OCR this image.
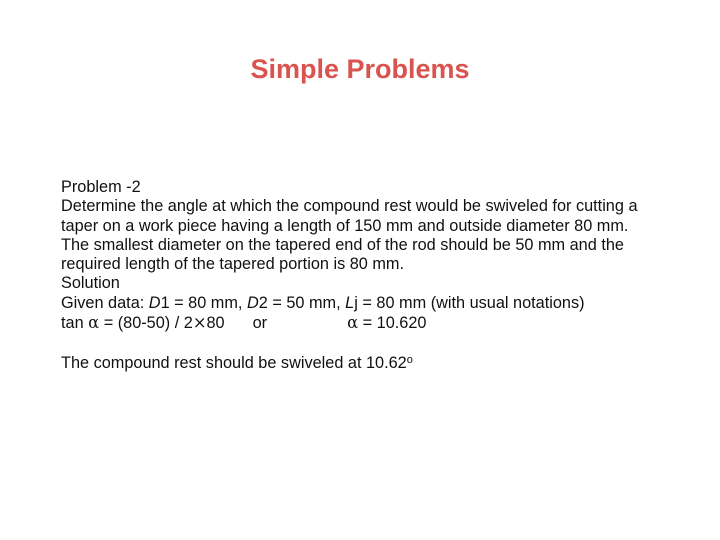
Simple Problems
Problem -2
Determine the angle at which the compound rest would be swiveled for cutting a
taper on a work piece having a length of 150 mm and outside diameter 80 mm.
The smallest diameter on the tapered end of the rod should be 50 mm and the
required length of the tapered portion is 80 mm.
Solution
Given data: D1 = 80 mm, D2 = 50 mm, Lj = 80 mm (with usual notations)
tan α = (80-50) / 2×80 or	α = 10.620
The compound rest should be swiveled at 10.62$^o$
